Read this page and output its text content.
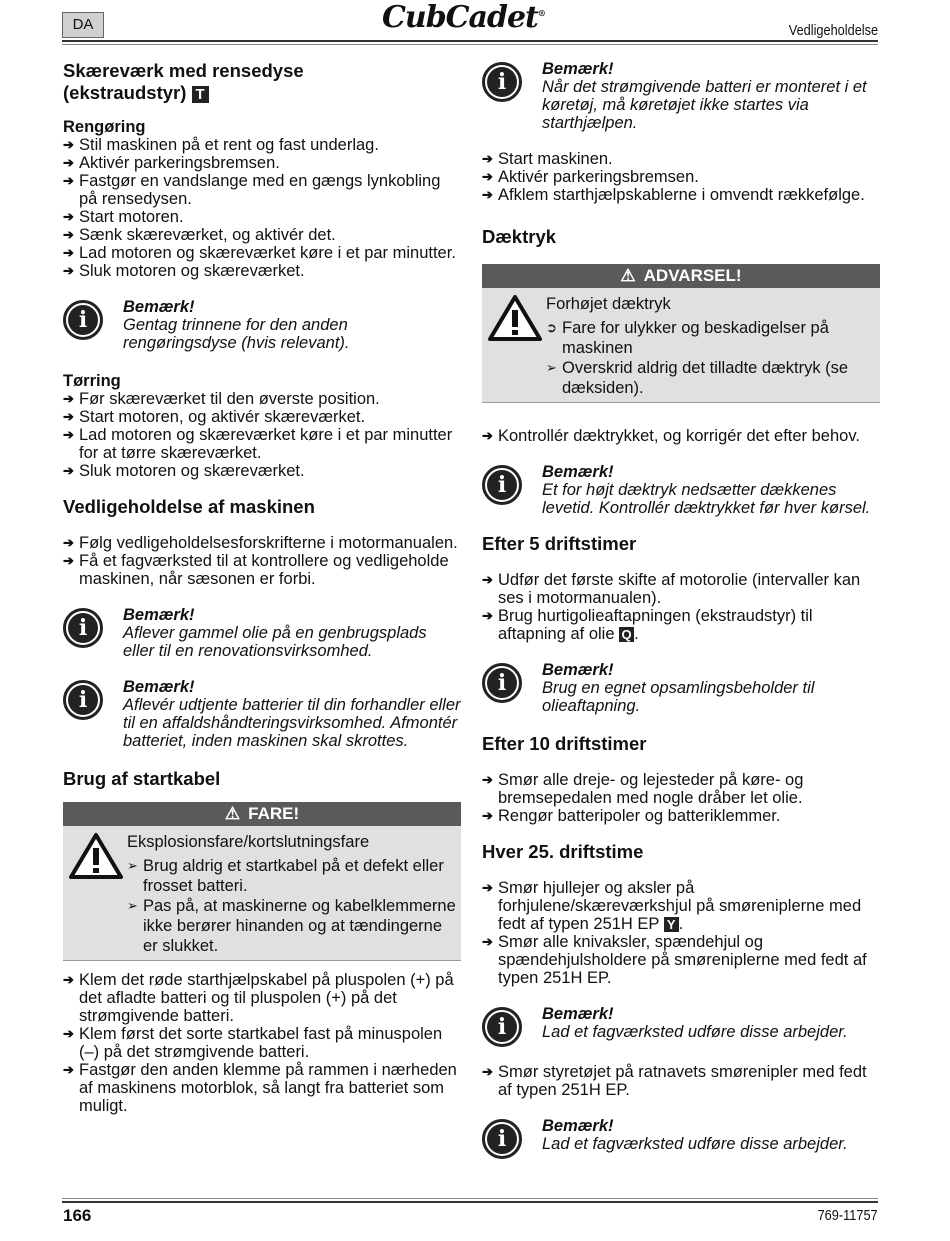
DA	CubCadet®
Vedligeholdelse
Skæreværk med rensedyse
(ekstraudstyr) T
Rengøring
➔ Stil maskinen på et rent og fast underlag.
➔ Aktivér parkeringsbremsen.
➔ Fastgør en vandslange med en gængs lynkobling på rensedysen.
➔ Start motoren.
➔ Sænk skæreværket, og aktivér det.
➔ Lad motoren og skæreværket køre i et par minutter.
➔ Sluk motoren og skæreværket.
i	Bemærk!
Gentag trinnene for den anden rengøringsdyse (hvis relevant).
Tørring
➔ Før skæreværket til den øverste position.
➔ Start motoren, og aktivér skæreværket.
➔ Lad motoren og skæreværket køre i et par minutter for at tørre skæreværket.
➔ Sluk motoren og skæreværket.
Vedligeholdelse af maskinen
➔ Følg vedligeholdelsesforskrifterne i motormanualen.
➔ Få et fagværksted til at kontrollere og vedligeholde maskinen, når sæsonen er forbi.
i	Bemærk!
Aflever gammel olie på en genbrugsplads eller til en renovationsvirksomhed.
i	Bemærk!
Aflevér udtjente batterier til din forhandler eller til en affaldshåndteringsvirksomhed. Afmontér batteriet, inden maskinen skal skrottes.
Brug af startkabel
⚠ FARE!
Eksplosionsfare/kortslutningsfare
➢ Brug aldrig et startkabel på et defekt eller frosset batteri.
➢ Pas på, at maskinerne og kabelklemmerne ikke berører hinanden og at tændingerne er slukket.
➔ Klem det røde starthjælpskabel på pluspolen (+) på det afladte batteri og til pluspolen (+) på det strømgivende batteri.
➔ Klem først det sorte startkabel fast på minuspolen (–) på det strømgivende batteri.
➔ Fastgør den anden klemme på rammen i nærheden af maskinens motorblok, så langt fra batteriet som muligt.
i	Bemærk!
Når det strømgivende batteri er monteret i et køretøj, må køretøjet ikke startes via starthjælpen.
➔ Start maskinen.
➔ Aktivér parkeringsbremsen.
➔ Afklem starthjælpskablerne i omvendt rækkefølge.
Dæktryk
⚠ ADVARSEL!
Forhøjet dæktryk
➲ Fare for ulykker og beskadigelser på maskinen
➢ Overskrid aldrig det tilladte dæktryk (se dæksiden).
➔ Kontrollér dæktrykket, og korrigér det efter behov.
i	Bemærk!
Et for højt dæktryk nedsætter dækkenes levetid. Kontrollér dæktrykket før hver kørsel.
Efter 5 driftstimer
➔ Udfør det første skifte af motorolie (intervaller kan ses i motormanualen).
➔ Brug hurtigolieaftapningen (ekstraudstyr) til aftapning af olie Q .
i	Bemærk!
Brug en egnet opsamlingsbeholder til olieaftapning.
Efter 10 driftstimer
➔ Smør alle dreje- og lejesteder på køre- og bremsepedalen med nogle dråber let olie.
➔ Rengør batteripoler og batteriklemmer.
Hver 25. driftstime
➔ Smør hjullejer og aksler på forhjulene/skæreværkshjul på smøreniplerne med fedt af typen 251H EP Y .
➔ Smør alle knivaksler, spændehjul og spændehjulsholdere på smøreniplerne med fedt af typen 251H EP.
i	Bemærk!
Lad et fagværksted udføre disse arbejder.
➔ Smør styretøjet på ratnavets smørenipler med fedt af typen 251H EP.
i	Bemærk!
Lad et fagværksted udføre disse arbejder.
166	769-11757
